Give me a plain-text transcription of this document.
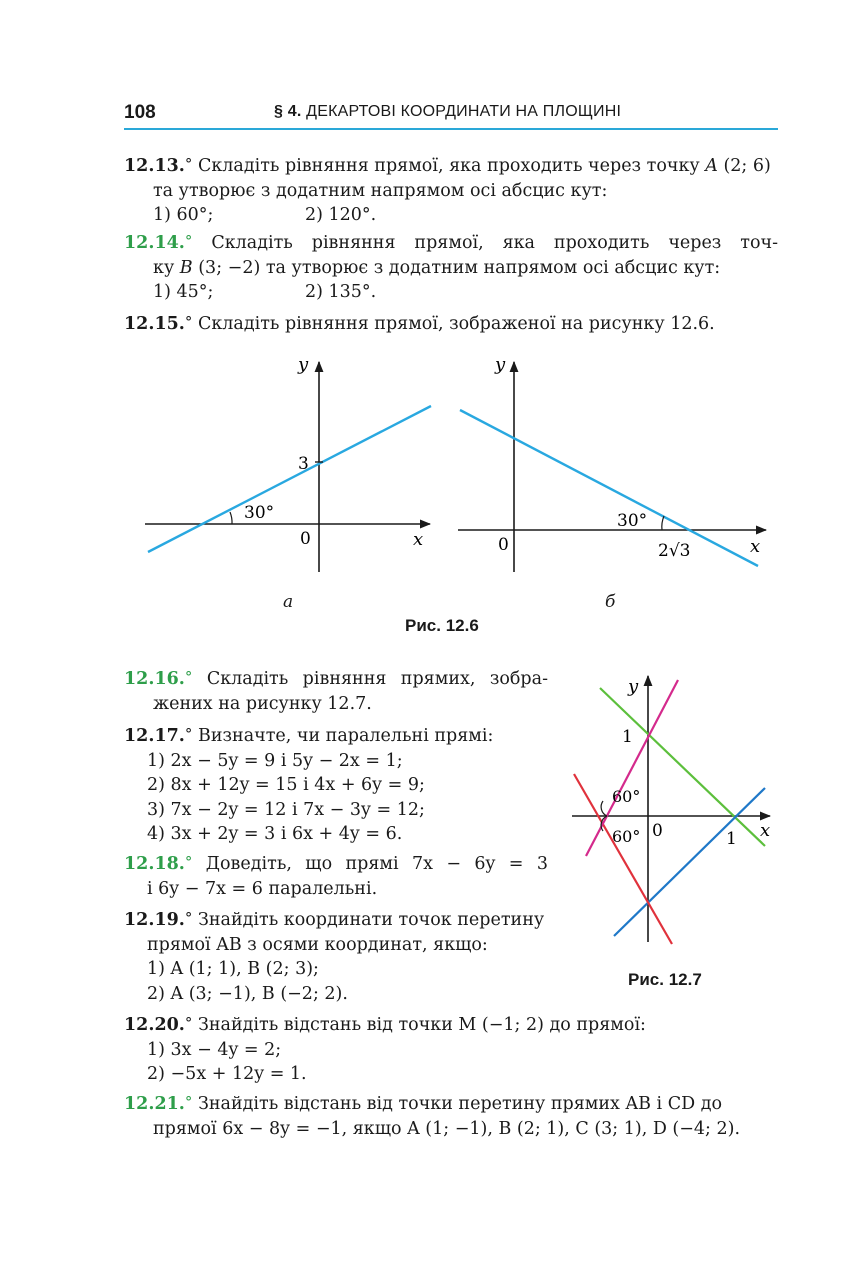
108	§ 4. ДЕКАРТОВІ КООРДИНАТИ НА ПЛОЩИНІ
12.13.° Складіть рівняння прямої, яка проходить через точку A (2; 6)
та утворює з додатним напрямом осі абсцис кут:
1) 60°;	2) 120°.
12.14.° Складіть рівняння прямої, яка проходить через точ-
ку B (3; −2) та утворює з додатним напрямом осі абсцис кут:
1) 45°;	2) 135°.
12.15.° Складіть рівняння прямої, зображеної на рисунку 12.6.
y
x
0
3
30°
y
x
0	2√3
30°
а	б
Рис. 12.6
12.16.° Складіть рівняння прямих, зобра-
жених на рисунку 12.7.
12.17.° Визначте, чи паралельні прямі:
1) 2x − 5y = 9 і 5y − 2x = 1;
2) 8x + 12y = 15 і 4x + 6y = 9;
3) 7x − 2y = 12 і 7x − 3y = 12;
4) 3x + 2y = 3 і 6x + 4y = 6.
12.18.° Доведіть, що прямі 7x − 6y = 3
і 6y − 7x = 6 паралельні.
12.19.° Знайдіть координати точок перетину
прямої AB з осями координат, якщо:
1) A (1; 1), B (2; 3);
2) A (3; −1), B (−2; 2).
y
x
0
1
1
60°
60°
Рис. 12.7
12.20.° Знайдіть відстань від точки M (−1; 2) до прямої:
1) 3x − 4y = 2;
2) −5x + 12y = 1.
12.21.° Знайдіть відстань від точки перетину прямих AB і CD до
прямої 6x − 8y = −1, якщо A (1; −1), B (2; 1), C (3; 1), D (−4; 2).
